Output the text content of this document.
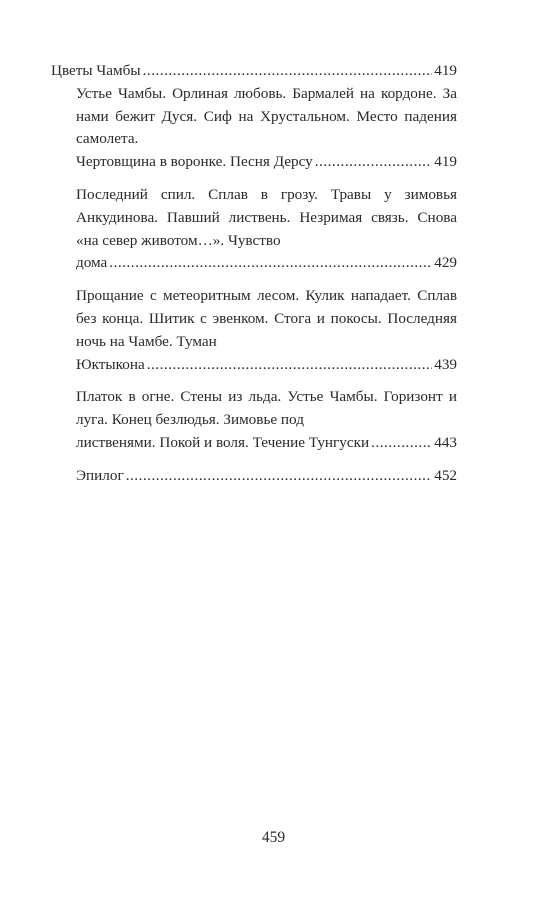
Цветы Чамбы .....	419
Устье Чамбы. Орлиная любовь. Бармалей на кордоне. За нами бежит Дуся. Сиф на Хрустальном. Место падения самолета.
Чертовщина в воронке. Песня Дерсу .....	419
Последний спил. Сплав в грозу. Травы у зимовья Анкудинова. Павший листвень. Незримая связь. Снова «на север животом…». Чувство
дома .....	429
Прощание с метеоритным лесом. Кулик нападает. Сплав без конца. Шитик с эвенком. Стога и покосы. Последняя ночь на Чамбе. Туман
Юктыкона .....	439
Платок в огне. Стены из льда. Устье Чамбы. Горизонт и луга. Конец безлюдья. Зимовье под
лиственями. Покой и воля. Течение Тунгуски .....	443
Эпилог .....	452
459
